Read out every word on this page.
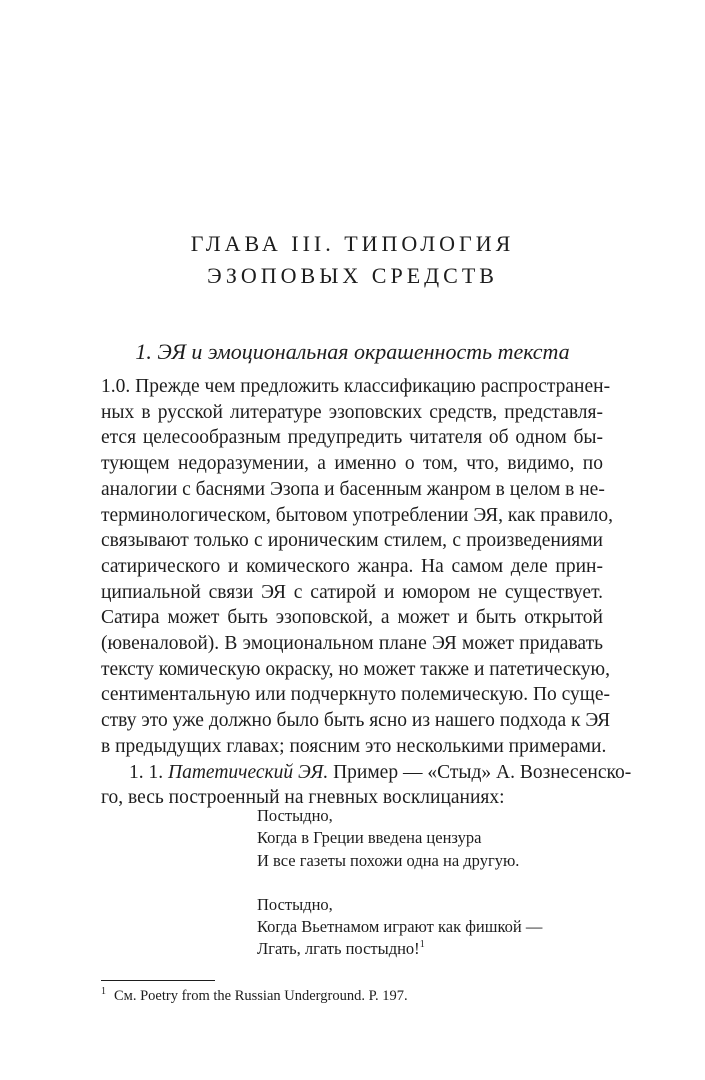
ГЛАВА III. ТИПОЛОГИЯ
ЭЗОПОВЫХ СРЕДСТВ
1. ЭЯ и эмоциональная окрашенность текста
1.0. Прежде чем предложить классификацию распространен-
ных в русской литературе эзоповских средств, представля-
ется целесообразным предупредить читателя об одном бы-
тующем недоразумении, а именно о том, что, видимо, по
аналогии с баснями Эзопа и басенным жанром в целом в не-
терминологическом, бытовом употреблении ЭЯ, как правило,
связывают только с ироническим стилем, с произведениями
сатирического и комического жанра. На самом деле прин-
ципиальной связи ЭЯ с сатирой и юмором не существует.
Сатира может быть эзоповской, а может и быть открытой
(ювеналовой). В эмоциональном плане ЭЯ может придавать
тексту комическую окраску, но может также и патетическую,
сентиментальную или подчеркнуто полемическую. По суще-
ству это уже должно было быть ясно из нашего подхода к ЭЯ
в предыдущих главах; поясним это несколькими примерами.
1. 1. Патетический ЭЯ. Пример — «Стыд» А. Вознесенско-
го, весь построенный на гневных восклицаниях:
Постыдно,
Когда в Греции введена цензура
И все газеты похожи одна на другую.
Постыдно,
Когда Вьетнамом играют как фишкой —
Лгать, лгать постыдно!$^1$
$^1$ См. Poetry from the Russian Underground. P. 197.
